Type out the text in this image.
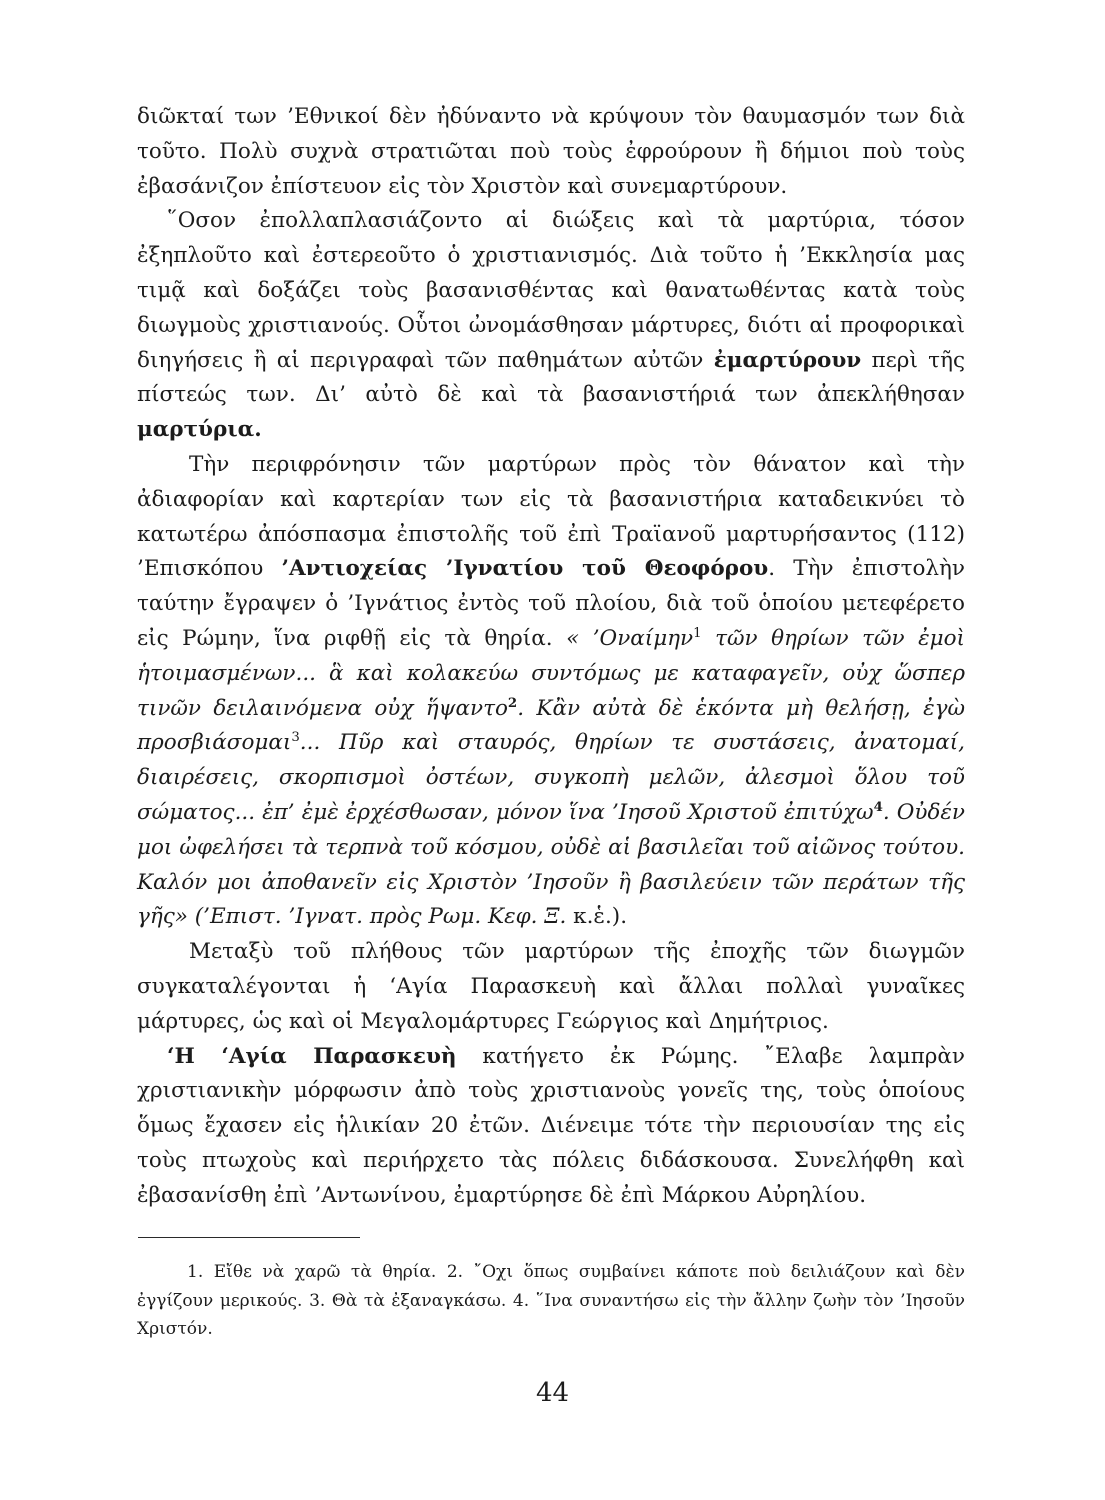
διῶκταί των ’Εθνικοί δὲν ἠδύναντο νὰ κρύψουν τὸν θαυμασμόν των διὰ τοῦτο. Πολὺ συχνὰ στρατιῶται ποὺ τοὺς ἐφρούρουν ἢ δήμιοι ποὺ τοὺς ἐβασάνιζον ἐπίστευον εἰς τὸν Χριστὸν καὶ συνεμαρτύρουν.

῞Οσον ἐπολλαπλασιάζοντο αἱ διώξεις καὶ τὰ μαρτύρια, τόσον ἐξηπλοῦτο καὶ ἐστερεοῦτο ὁ χριστιανισμός. Διὰ τοῦτο ἡ ’Εκκλησία μας τιμᾷ καὶ δοξάζει τοὺς βασανισθέντας καὶ θανατωθέντας κατὰ τοὺς διωγμοὺς χριστιανούς. Οὗτοι ὠνομάσθησαν μάρτυρες, διότι αἱ προφορικαὶ διηγήσεις ἢ αἱ περιγραφαὶ τῶν παθημάτων αὐτῶν ἐμαρτύρουν περὶ τῆς πίστεώς των. Δι’ αὐτὸ δὲ καὶ τὰ βασανιστήριά των ἀπεκλήθησαν μαρτύρια.

Τὴν περιφρόνησιν τῶν μαρτύρων πρὸς τὸν θάνατον καὶ τὴν ἀδιαφορίαν καὶ καρτερίαν των εἰς τὰ βασανιστήρια καταδεικνύει τὸ κατωτέρω ἀπόσπασμα ἐπιστολῆς τοῦ ἐπὶ Τραϊανοῦ μαρτυρήσαντος (112) ’Επισκόπου ’Αντιοχείας ’Ιγνατίου τοῦ Θεοφόρου. Τὴν ἐπιστολὴν ταύτην ἔγραψεν ὁ ’Ιγνάτιος ἐντὸς τοῦ πλοίου, διὰ τοῦ ὁποίου μετεφέρετο εἰς Ρώμην, ἵνα ριφθῇ εἰς τὰ θηρία. « ’Οναίμην$^1$ τῶν θηρίων τῶν ἐμοὶ ἡτοιμασμένων... ἃ καὶ κολακεύω συντόμως με καταφαγεῖν, οὐχ ὥσπερ τινῶν δειλαινόμενα οὐχ ἥψαντο$^2$. Κἂν αὐτὰ δὲ ἑκόντα μὴ θελήσῃ, ἐγὼ προσβιάσομαι$^3$... Πῦρ καὶ σταυρός, θηρίων τε συστάσεις, ἀνατομαί, διαιρέσεις, σκορπισμοὶ ὀστέων, συγκοπὴ μελῶν, ἀλεσμοὶ ὅλου τοῦ σώματος... ἐπ’ ἐμὲ ἐρχέσθωσαν, μόνον ἵνα ’Ιησοῦ Χριστοῦ ἐπιτύχω$^4$. Οὐδέν μοι ὠφελήσει τὰ τερπνὰ τοῦ κόσμου, οὐδὲ αἱ βασιλεῖαι τοῦ αἰῶνος τούτου. Καλόν μοι ἀποθανεῖν εἰς Χριστὸν ’Ιησοῦν ἢ βασιλεύειν τῶν περάτων τῆς γῆς» (’Επιστ. ’Ιγνατ. πρὸς Ρωμ. Κεφ. Ξ. κ.ἑ.).

Μεταξὺ τοῦ πλήθους τῶν μαρτύρων τῆς ἐποχῆς τῶν διωγμῶν συγκαταλέγονται ἡ ‘Αγία Παρασκευὴ καὶ ἄλλαι πολλαὶ γυναῖκες μάρτυρες, ὡς καὶ οἱ Μεγαλομάρτυρες Γεώργιος καὶ Δημήτριος.

‘Η ‘Αγία Παρασκευὴ κατήγετο ἐκ Ρώμης. ῎Ελαβε λαμπρὰν χριστιανικὴν μόρφωσιν ἀπὸ τοὺς χριστιανοὺς γονεῖς της, τοὺς ὁποίους ὅμως ἔχασεν εἰς ἡλικίαν 20 ἐτῶν. Διένειμε τότε τὴν περιουσίαν της εἰς τοὺς πτωχοὺς καὶ περιήρχετο τὰς πόλεις διδάσκουσα. Συνελήφθη καὶ ἐβασανίσθη ἐπὶ ’Αντωνίνου, ἐμαρτύρησε δὲ ἐπὶ Μάρκου Αὐρηλίου.

1. Εἴθε νὰ χαρῶ τὰ θηρία. 2. ῎Οχι ὅπως συμβαίνει κάποτε ποὺ δειλιάζουν καὶ δὲν ἐγγίζουν μερικούς. 3. Θὰ τὰ ἐξαναγκάσω. 4. ῞Ινα συναντήσω εἰς τὴν ἄλλην ζωὴν τὸν ’Ιησοῦν Χριστόν.
44
